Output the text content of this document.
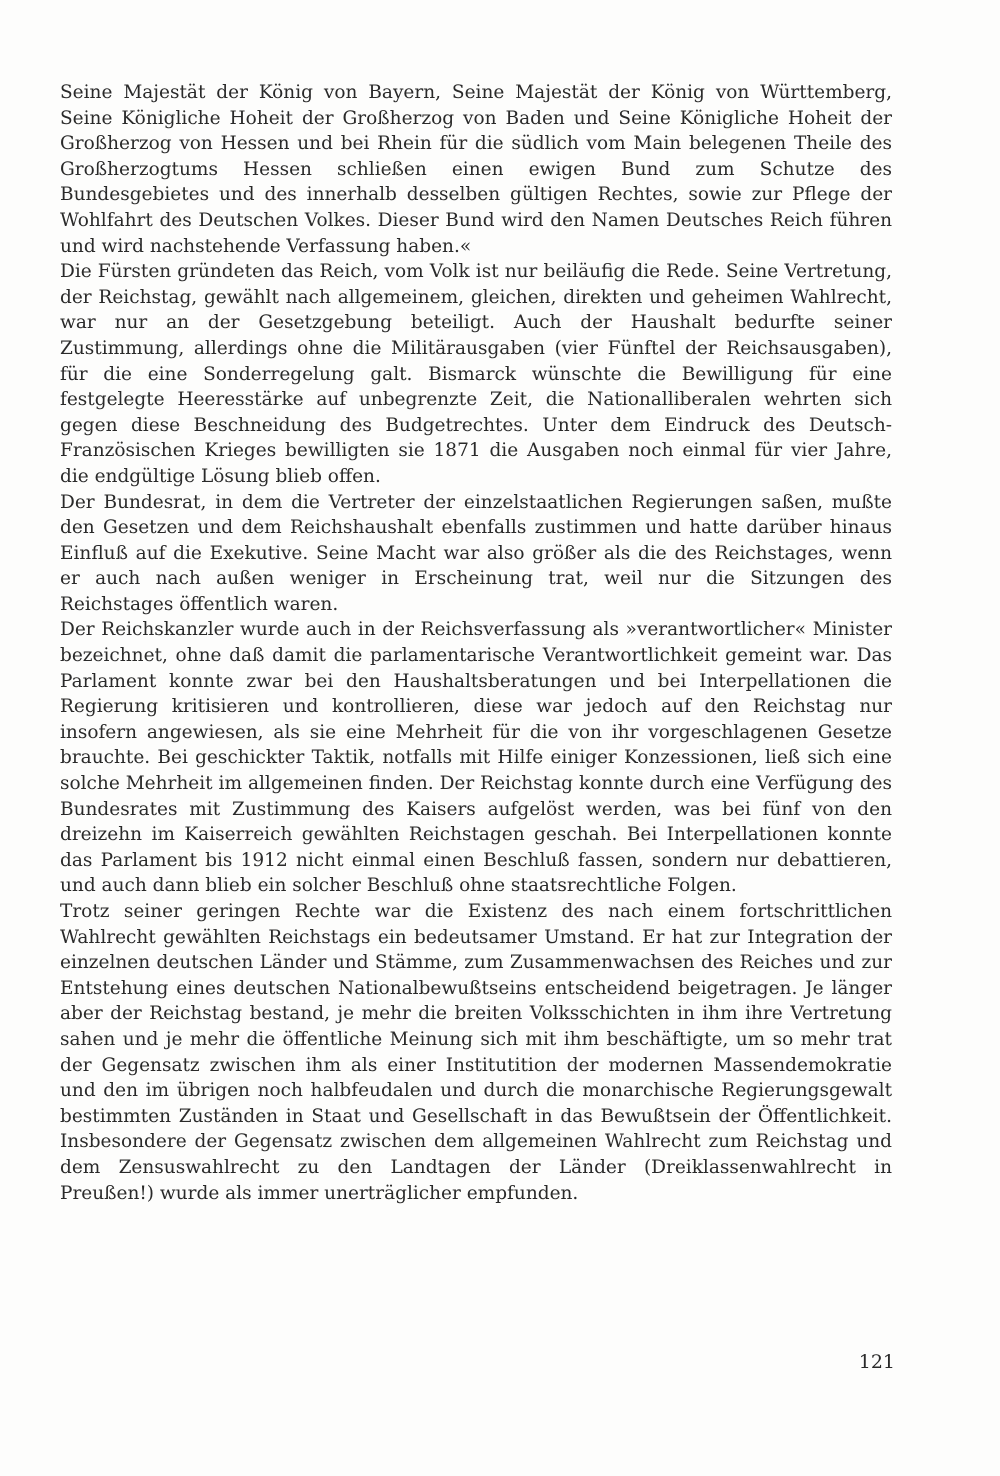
Seine Majestät der König von Bayern, Seine Majestät der König von Württemberg, Seine Königliche Hoheit der Großherzog von Baden und Seine Königliche Hoheit der Großherzog von Hessen und bei Rhein für die südlich vom Main belegenen Theile des Großherzogtums Hessen schließen einen ewigen Bund zum Schutze des Bundesgebietes und des innerhalb desselben gültigen Rechtes, sowie zur Pflege der Wohlfahrt des Deutschen Volkes. Dieser Bund wird den Namen Deutsches Reich führen und wird nachstehende Verfassung haben.«

Die Fürsten gründeten das Reich, vom Volk ist nur beiläufig die Rede. Seine Vertretung, der Reichstag, gewählt nach allgemeinem, gleichen, direkten und geheimen Wahlrecht, war nur an der Gesetzgebung beteiligt. Auch der Haushalt bedurfte seiner Zustimmung, allerdings ohne die Militärausgaben (vier Fünftel der Reichsausgaben), für die eine Sonderregelung galt. Bismarck wünschte die Bewilligung für eine festgelegte Heeresstärke auf unbegrenzte Zeit, die Nationalliberalen wehrten sich gegen diese Beschneidung des Budgetrechtes. Unter dem Eindruck des Deutsch-Französischen Krieges bewilligten sie 1871 die Ausgaben noch einmal für vier Jahre, die endgültige Lösung blieb offen.

Der Bundesrat, in dem die Vertreter der einzelstaatlichen Regierungen saßen, mußte den Gesetzen und dem Reichshaushalt ebenfalls zustimmen und hatte darüber hinaus Einfluß auf die Exekutive. Seine Macht war also größer als die des Reichstages, wenn er auch nach außen weniger in Erscheinung trat, weil nur die Sitzungen des Reichstages öffentlich waren.

Der Reichskanzler wurde auch in der Reichsverfassung als »verantwortlicher« Minister bezeichnet, ohne daß damit die parlamentarische Verantwortlichkeit gemeint war. Das Parlament konnte zwar bei den Haushaltsberatungen und bei Interpellationen die Regierung kritisieren und kontrollieren, diese war jedoch auf den Reichstag nur insofern angewiesen, als sie eine Mehrheit für die von ihr vorgeschlagenen Gesetze brauchte. Bei geschickter Taktik, notfalls mit Hilfe einiger Konzessionen, ließ sich eine solche Mehrheit im allgemeinen finden. Der Reichstag konnte durch eine Verfügung des Bundesrates mit Zustimmung des Kaisers aufgelöst werden, was bei fünf von den dreizehn im Kaiserreich gewählten Reichstagen geschah. Bei Interpellationen konnte das Parlament bis 1912 nicht einmal einen Beschluß fassen, sondern nur debattieren, und auch dann blieb ein solcher Beschluß ohne staatsrechtliche Folgen.

Trotz seiner geringen Rechte war die Existenz des nach einem fortschrittlichen Wahlrecht gewählten Reichstags ein bedeutsamer Umstand. Er hat zur Integration der einzelnen deutschen Länder und Stämme, zum Zusammenwachsen des Reiches und zur Entstehung eines deutschen Nationalbewußtseins entscheidend beigetragen. Je länger aber der Reichstag bestand, je mehr die breiten Volksschichten in ihm ihre Vertretung sahen und je mehr die öffentliche Meinung sich mit ihm beschäftigte, um so mehr trat der Gegensatz zwischen ihm als einer Institutition der modernen Massendemokratie und den im übrigen noch halbfeudalen und durch die monarchische Regierungsgewalt bestimmten Zuständen in Staat und Gesellschaft in das Bewußtsein der Öffentlichkeit. Insbesondere der Gegensatz zwischen dem allgemeinen Wahlrecht zum Reichstag und dem Zensuswahlrecht zu den Landtagen der Länder (Dreiklassenwahlrecht in Preußen!) wurde als immer unerträglicher empfunden.

121
